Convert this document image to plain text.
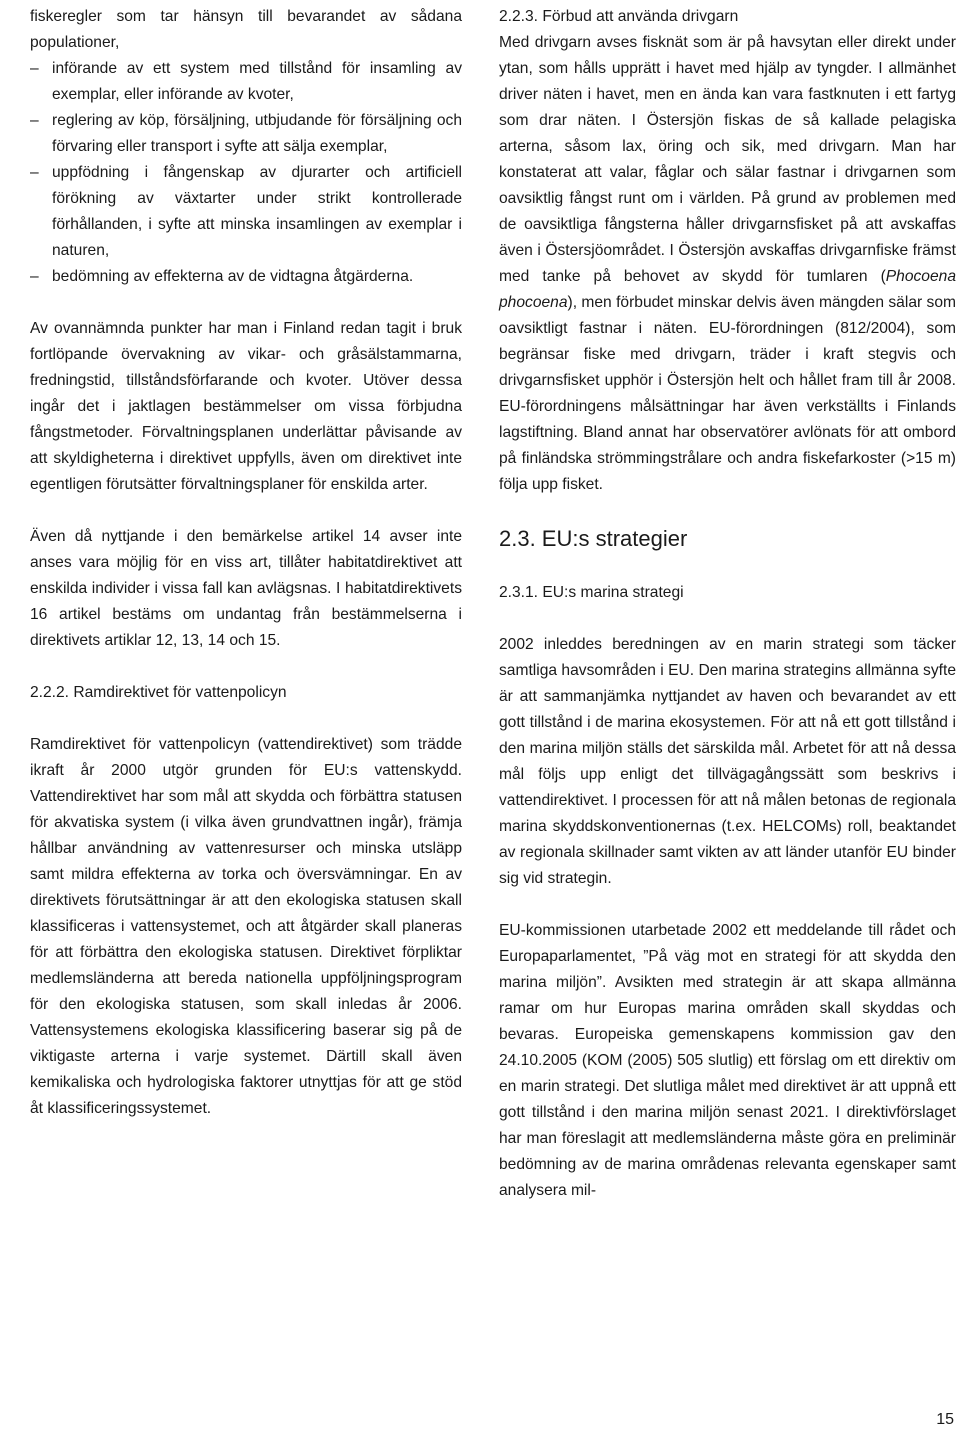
fiskeregler som tar hänsyn till bevarandet av sådana populationer,
– införande av ett system med tillstånd för insamling av exemplar, eller införande av kvoter,
– reglering av köp, försäljning, utbjudande för försäljning och förvaring eller transport i syfte att sälja exemplar,
– uppfödning i fångenskap av djurarter och artificiell förökning av växtarter under strikt kontrollerade förhållanden, i syfte att minska insamlingen av exemplar i naturen,
– bedömning av effekterna av de vidtagna åtgärderna.

Av ovannämnda punkter har man i Finland redan tagit i bruk fortlöpande övervakning av vikar- och gråsälstammarna, fredningstid, tillståndsförfarande och kvoter. Utöver dessa ingår det i jaktlagen bestämmelser om vissa förbjudna fångstmetoder. Förvaltningsplanen underlättar påvisande av att skyldigheterna i direktivet uppfylls, även om direktivet inte egentligen förutsätter förvaltningsplaner för enskilda arter.

Även då nyttjande i den bemärkelse artikel 14 avser inte anses vara möjlig för en viss art, tillåter habitatdirektivet att enskilda individer i vissa fall kan avlägsnas. I habitatdirektivets 16 artikel bestäms om undantag från bestämmelserna i direktivets artiklar 12, 13, 14 och 15.

2.2.2. Ramdirektivet för vattenpolicyn

Ramdirektivet för vattenpolicyn (vattendirektivet) som trädde ikraft år 2000 utgör grunden för EU:s vattenskydd. Vattendirektivet har som mål att skydda och förbättra statusen för akvatiska system (i vilka även grundvattnen ingår), främja hållbar användning av vattenresurser och minska utsläpp samt mildra effekterna av torka och översvämningar. En av direktivets förutsättningar är att den ekologiska statusen skall klassificeras i vattensystemet, och att åtgärder skall planeras för att förbättra den ekologiska statusen. Direktivet förpliktar medlemsländerna att bereda nationella uppföljningsprogram för den ekologiska statusen, som skall inledas år 2006. Vattensystemens ekologiska klassificering baserar sig på de viktigaste arterna i varje systemet. Därtill skall även kemikaliska och hydrologiska faktorer utnyttjas för att ge stöd åt klassificeringssystemet.

2.2.3. Förbud att använda drivgarn

Med drivgarn avses fisknät som är på havsytan eller direkt under ytan, som hålls upprätt i havet med hjälp av tyngder. I allmänhet driver näten i havet, men en ända kan vara fastknuten i ett fartyg som drar näten. I Östersjön fiskas de så kallade pelagiska arterna, såsom lax, öring och sik, med drivgarn. Man har konstaterat att valar, fåglar och sälar fastnar i drivgarnen som oavsiktlig fångst runt om i världen. På grund av problemen med de oavsiktliga fångsterna håller drivgarnsfisket på att avskaffas även i Östersjöområdet. I Östersjön avskaffas drivgarnfiske främst med tanke på behovet av skydd för tumlaren (Phocoena phocoena), men förbudet minskar delvis även mängden sälar som oavsiktligt fastnar i näten. EU-förordningen (812/2004), som begränsar fiske med drivgarn, träder i kraft stegvis och drivgarnsfisket upphör i Östersjön helt och hållet fram till år 2008. EU-förordningens målsättningar har även verkställts i Finlands lagstiftning. Bland annat har observatörer avlönats för att ombord på finländska strömmingstrålare och andra fiskefarkoster (>15 m) följa upp fisket.

2.3. EU:s strategier
2.3.1. EU:s marina strategi

2002 inleddes beredningen av en marin strategi som täcker samtliga havsområden i EU. Den marina strategins allmänna syfte är att sammanjämka nyttjandet av haven och bevarandet av ett gott tillstånd i de marina ekosystemen. För att nå ett gott tillstånd i den marina miljön ställs det särskilda mål. Arbetet för att nå dessa mål följs upp enligt det tillvägagångssätt som beskrivs i vattendirektivet. I processen för att nå målen betonas de regionala marina skyddskonventionernas (t.ex. HELCOMs) roll, beaktandet av regionala skillnader samt vikten av att länder utanför EU binder sig vid strategin.

EU-kommissionen utarbetade 2002 ett meddelande till rådet och Europaparlamentet, ”På väg mot en strategi för att skydda den marina miljön”. Avsikten med strategin är att skapa allmänna ramar om hur Europas marina områden skall skyddas och bevaras. Europeiska gemenskapens kommission gav den 24.10.2005 (KOM (2005) 505 slutlig) ett förslag om ett direktiv om en marin strategi. Det slutliga målet med direktivet är att uppnå ett gott tillstånd i den marina miljön senast 2021. I direktivförslaget har man föreslagit att medlemsländerna måste göra en preliminär bedömning av de marina områdenas relevanta egenskaper samt analysera mil-

15
